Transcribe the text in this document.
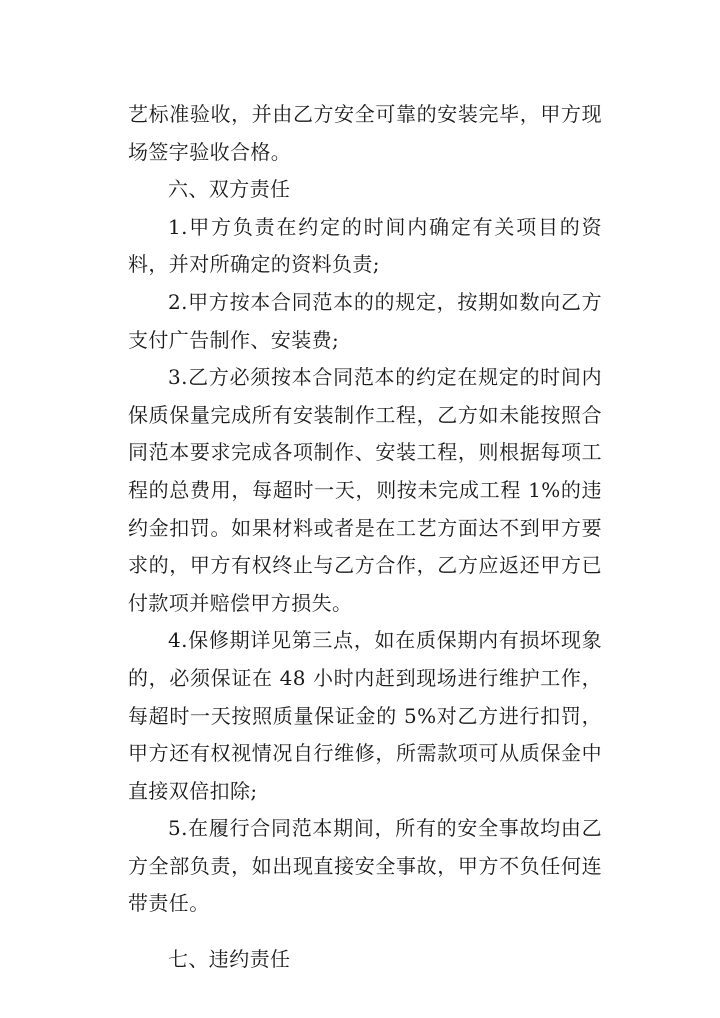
艺标准验收，并由乙方安全可靠的安装完毕，甲方现场签字验收合格。

六、双方责任

1.甲方负责在约定的时间内确定有关项目的资料，并对所确定的资料负责;

2.甲方按本合同范本的的规定，按期如数向乙方支付广告制作、安装费;

3.乙方必须按本合同范本的约定在规定的时间内保质保量完成所有安装制作工程，乙方如未能按照合同范本要求完成各项制作、安装工程，则根据每项工程的总费用，每超时一天，则按未完成工程 1%的违约金扣罚。如果材料或者是在工艺方面达不到甲方要求的，甲方有权终止与乙方合作，乙方应返还甲方已付款项并赔偿甲方损失。

4.保修期详见第三点，如在质保期内有损坏现象的，必须保证在 48 小时内赶到现场进行维护工作，每超时一天按照质量保证金的 5%对乙方进行扣罚，甲方还有权视情况自行维修，所需款项可从质保金中直接双倍扣除;

5.在履行合同范本期间，所有的安全事故均由乙方全部负责，如出现直接安全事故，甲方不负任何连带责任。

七、违约责任
